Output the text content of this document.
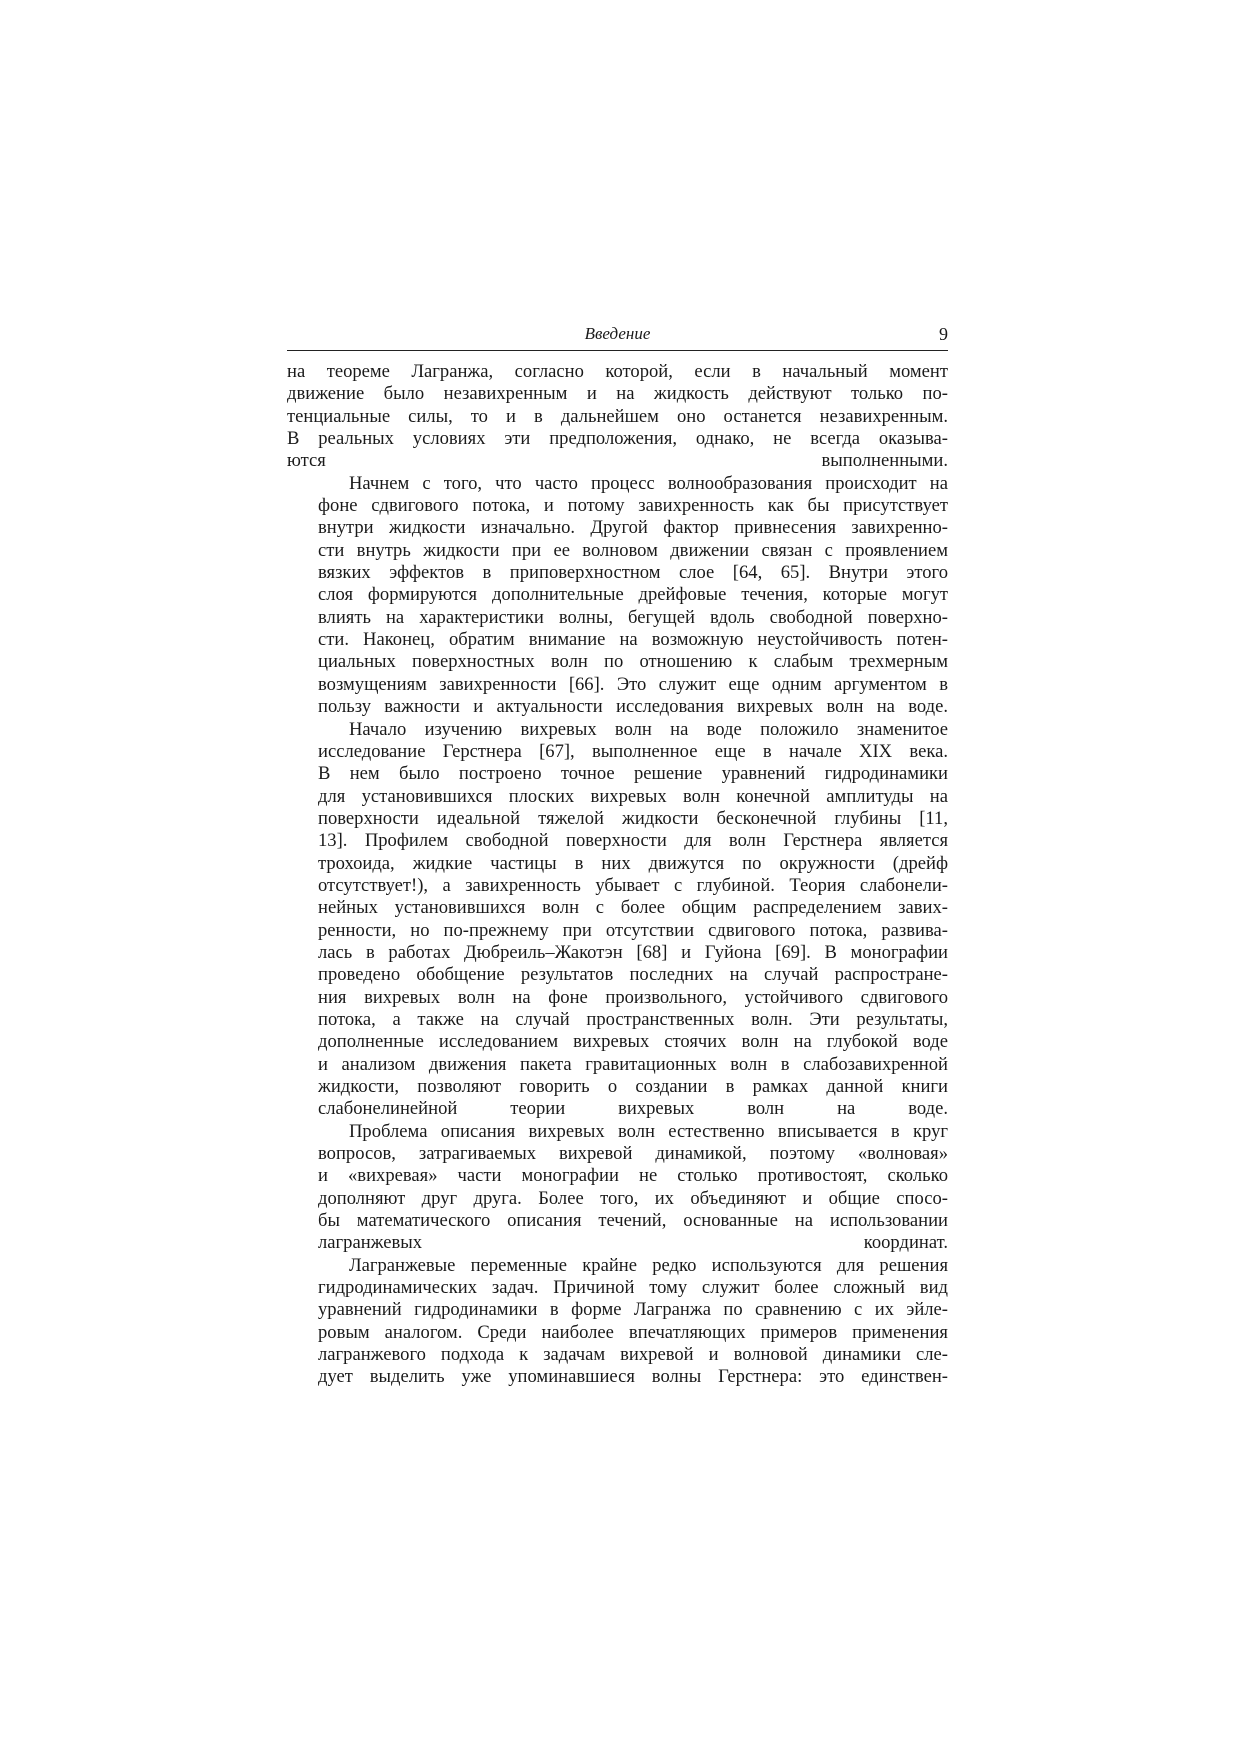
Введение	9
на теореме Лагранжа, согласно которой, если в начальный момент
движение было незавихренным и на жидкость действуют только по-
тенциальные силы, то и в дальнейшем оно останется незавихренным.
В реальных условиях эти предположения, однако, не всегда оказыва-
ются выполненными.
Начнем с того, что часто процесс волнообразования происходит на
фоне сдвигового потока, и потому завихренность как бы присутствует
внутри жидкости изначально. Другой фактор привнесения завихренно-
сти внутрь жидкости при ее волновом движении связан с проявлением
вязких эффектов в приповерхностном слое [64, 65]. Внутри этого
слоя формируются дополнительные дрейфовые течения, которые могут
влиять на характеристики волны, бегущей вдоль свободной поверхно-
сти. Наконец, обратим внимание на возможную неустойчивость потен-
циальных поверхностных волн по отношению к слабым трехмерным
возмущениям завихренности [66]. Это служит еще одним аргументом в
пользу важности и актуальности исследования вихревых волн на воде.
Начало изучению вихревых волн на воде положило знаменитое
исследование Герстнера [67], выполненное еще в начале XIX века.
В нем было построено точное решение уравнений гидродинамики
для установившихся плоских вихревых волн конечной амплитуды на
поверхности идеальной тяжелой жидкости бесконечной глубины [11,
13]. Профилем свободной поверхности для волн Герстнера является
трохоида, жидкие частицы в них движутся по окружности (дрейф
отсутствует!), а завихренность убывает с глубиной. Теория слабонели-
нейных установившихся волн с более общим распределением завих-
ренности, но по-прежнему при отсутствии сдвигового потока, развива-
лась в работах Дюбреиль–Жакотэн [68] и Гуйона [69]. В монографии
проведено обобщение результатов последних на случай распростране-
ния вихревых волн на фоне произвольного, устойчивого сдвигового
потока, а также на случай пространственных волн. Эти результаты,
дополненные исследованием вихревых стоячих волн на глубокой воде
и анализом движения пакета гравитационных волн в слабозавихренной
жидкости, позволяют говорить о создании в рамках данной книги
слабонелинейной теории вихревых волн на воде.
Проблема описания вихревых волн естественно вписывается в круг
вопросов, затрагиваемых вихревой динамикой, поэтому «волновая»
и «вихревая» части монографии не столько противостоят, сколько
дополняют друг друга. Более того, их объединяют и общие спосо-
бы математического описания течений, основанные на использовании
лагранжевых координат.
Лагранжевые переменные крайне редко используются для решения
гидродинамических задач. Причиной тому служит более сложный вид
уравнений гидродинамики в форме Лагранжа по сравнению с их эйле-
ровым аналогом. Среди наиболее впечатляющих примеров применения
лагранжевого подхода к задачам вихревой и волновой динамики сле-
дует выделить уже упоминавшиеся волны Герстнера: это единствен-
